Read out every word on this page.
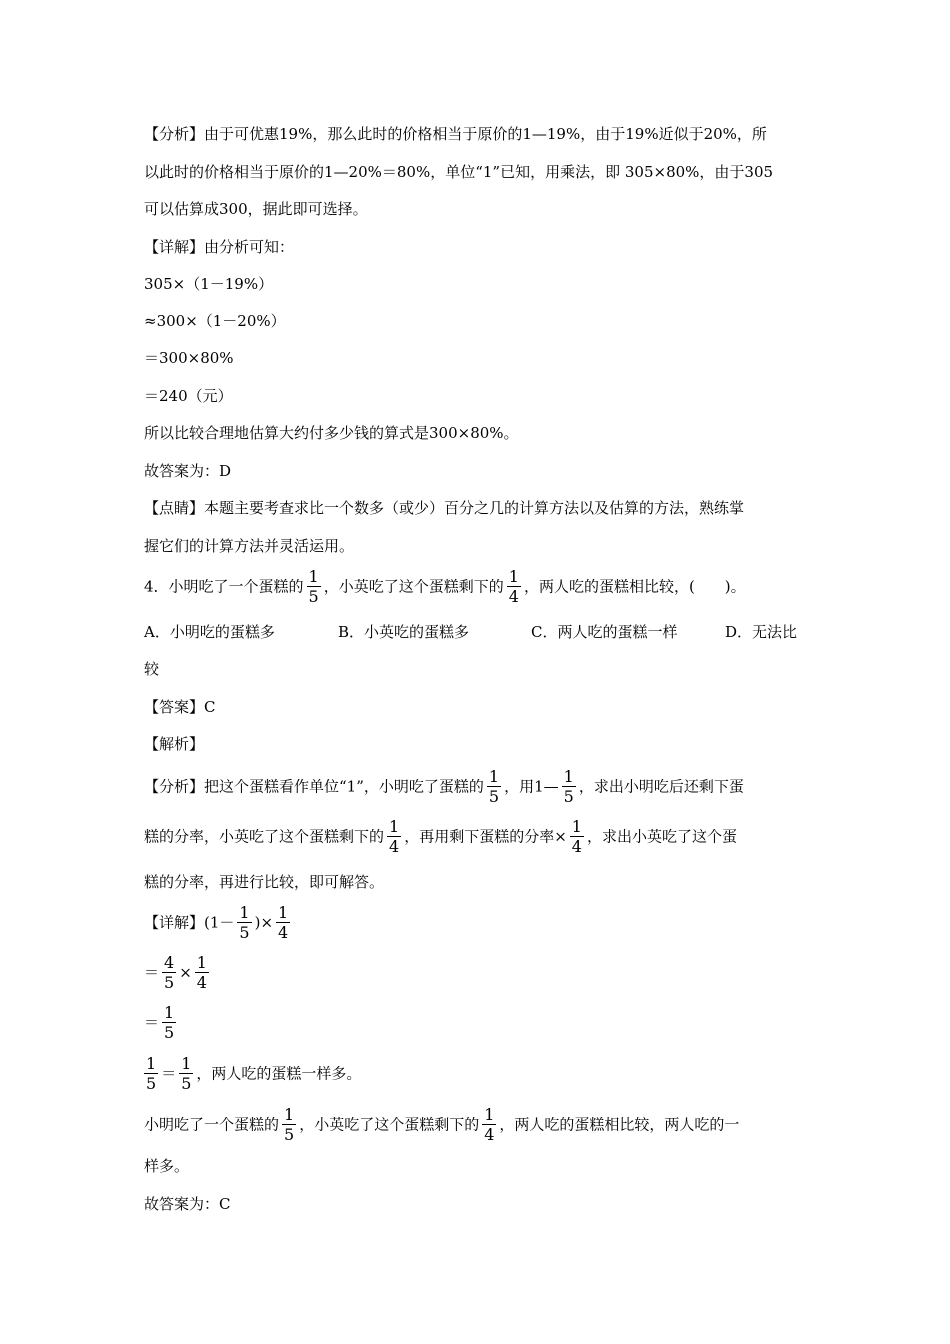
【分析】由于可优惠19%，那么此时的价格相当于原价的1—19%，由于19%近似于20%，所
以此时的价格相当于原价的1—20%＝80%，单位“1”已知，用乘法，即 305×80%，由于305
可以估算成300，据此即可选择。
【详解】由分析可知：
305×（1－19%）
≈300×（1－20%）
＝300×80%
＝240（元）
所以比较合理地估算大约付多少钱的算式是300×80%。
故答案为：D
【点睛】本题主要考查求比一个数多（或少）百分之几的计算方法以及估算的方法，熟练掌
握它们的计算方法并灵活运用。
4．小明吃了一个蛋糕的 $\frac{1}{5}$ ，小英吃了这个蛋糕剩下的 $\frac{1}{4}$ ，两人吃的蛋糕相比较，(　　)。
A．小明吃的蛋糕多	B．小英吃的蛋糕多	C．两人吃的蛋糕一样	D．无法比
较
【答案】C
【解析】
【分析】把这个蛋糕看作单位“1”，小明吃了蛋糕的 $\frac{1}{5}$ ，用1— $\frac{1}{5}$ ，求出小明吃后还剩下蛋
糕的分率，小英吃了这个蛋糕剩下的 $\frac{1}{4}$ ，再用剩下蛋糕的分率× $\frac{1}{4}$ ，求出小英吃了这个蛋
糕的分率，再进行比较，即可解答。
【详解】($1- \frac{1}{5}$ )× $\frac{1}{4}$
＝ $\frac{4}{5} \times \frac{1}{4}$
＝ $\frac{1}{5}$
$\frac{1}{5} = \frac{1}{5}$ ，两人吃的蛋糕一样多。
小明吃了一个蛋糕的 $\frac{1}{5}$ ，小英吃了这个蛋糕剩下的 $\frac{1}{4}$ ，两人吃的蛋糕相比较，两人吃的一
样多。
故答案为：C
